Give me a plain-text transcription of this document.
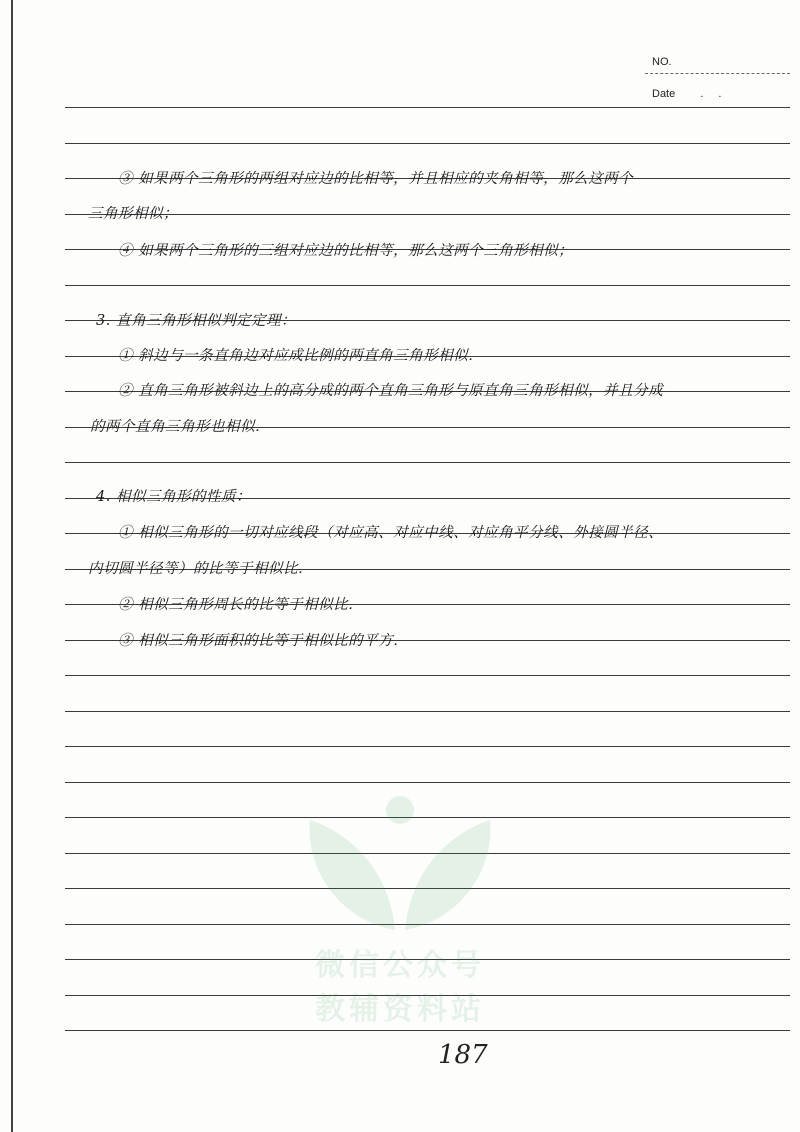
NO.
Date . .
③ 如果两个三角形的两组对应边的比相等，并且相应的夹角相等，那么这两个
三角形相似；
④ 如果两个三角形的三组对应边的比相等，那么这两个三角形相似；
3. 直角三角形相似判定定理：
① 斜边与一条直角边对应成比例的两直角三角形相似．
② 直角三角形被斜边上的高分成的两个直角三角形与原直角三角形相似，并且分成
的两个直角三角形也相似．
4. 相似三角形的性质：
① 相似三角形的一切对应线段（对应高、对应中线、对应角平分线、外接圆半径、
内切圆半径等）的比等于相似比．
② 相似三角形周长的比等于相似比．
③ 相似三角形面积的比等于相似比的平方．
微信公众号
教辅资料站
187
